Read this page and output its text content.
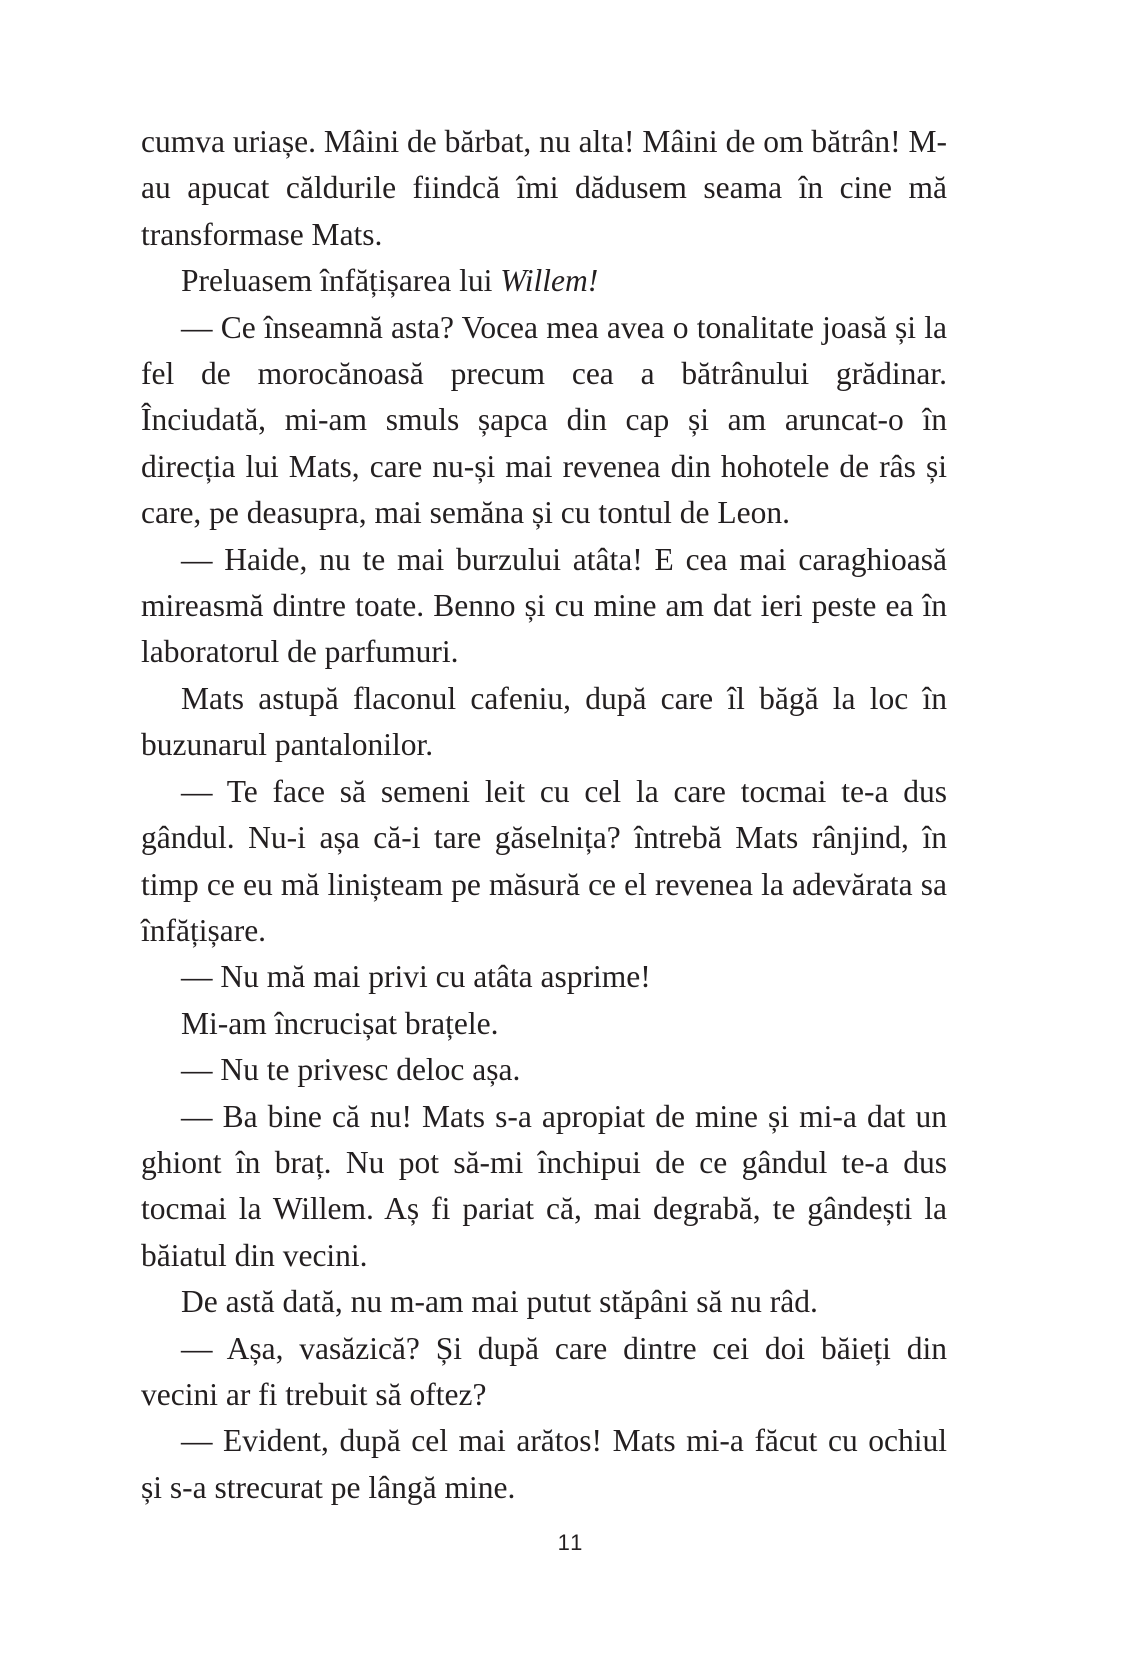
cumva uriașe. Mâini de bărbat, nu alta! Mâini de om bătrân! M-au apucat căldurile fiindcă îmi dădusem seama în cine mă transformase Mats.

Preluasem înfățișarea lui Willem!

— Ce înseamnă asta? Vocea mea avea o tonalitate joasă și la fel de morocănoasă precum cea a bătrânului grădinar. Înciudată, mi-am smuls șapca din cap și am aruncat-o în direcția lui Mats, care nu-și mai revenea din hohotele de râs și care, pe deasupra, mai semăna și cu tontul de Leon.

— Haide, nu te mai burzului atâta! E cea mai caraghioasă mireasmă dintre toate. Benno și cu mine am dat ieri peste ea în laboratorul de parfumuri.

Mats astupă flaconul cafeniu, după care îl băgă la loc în buzunarul pantalonilor.

— Te face să semeni leit cu cel la care tocmai te-a dus gândul. Nu-i așa că-i tare găselnița? întrebă Mats rânjind, în timp ce eu mă linișteam pe măsură ce el revenea la adevărata sa înfățișare.

— Nu mă mai privi cu atâta asprime!

Mi-am încrucișat brațele.

— Nu te privesc deloc așa.

— Ba bine că nu! Mats s-a apropiat de mine și mi-a dat un ghiont în braț. Nu pot să-mi închipui de ce gândul te-a dus tocmai la Willem. Aș fi pariat că, mai degrabă, te gândești la băiatul din vecini.

De astă dată, nu m-am mai putut stăpâni să nu râd.

— Așa, vasăzică? Și după care dintre cei doi băieți din vecini ar fi trebuit să oftez?

— Evident, după cel mai arătos! Mats mi-a făcut cu ochiul și s-a strecurat pe lângă mine.

11
